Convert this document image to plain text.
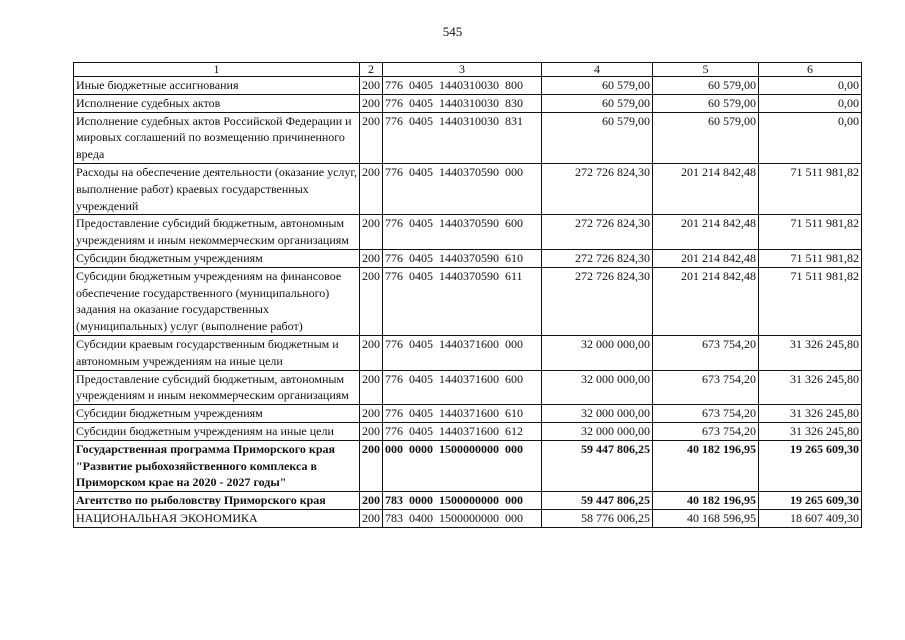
545
1	2	3	4	5	6
Иные бюджетные ассигнования	200	776  0405  1440310030  800	60 579,00	60 579,00	0,00
Исполнение судебных актов	200	776  0405  1440310030  830	60 579,00	60 579,00	0,00
Исполнение судебных актов Российской Федерации и мировых соглашений по возмещению причиненного вреда	200	776  0405  1440310030  831	60 579,00	60 579,00	0,00
Расходы на обеспечение деятельности (оказание услуг, выполнение работ) краевых государственных учреждений	200	776  0405  1440370590  000	272 726 824,30	201 214 842,48	71 511 981,82
Предоставление субсидий бюджетным, автономным учреждениям и иным некоммерческим организациям	200	776  0405  1440370590  600	272 726 824,30	201 214 842,48	71 511 981,82
Субсидии бюджетным учреждениям	200	776  0405  1440370590  610	272 726 824,30	201 214 842,48	71 511 981,82
Субсидии бюджетным учреждениям на финансовое обеспечение государственного (муниципального) задания на оказание государственных (муниципальных) услуг (выполнение работ)	200	776  0405  1440370590  611	272 726 824,30	201 214 842,48	71 511 981,82
Субсидии краевым государственным бюджетным и автономным учреждениям на иные цели	200	776  0405  1440371600  000	32 000 000,00	673 754,20	31 326 245,80
Предоставление субсидий бюджетным, автономным учреждениям и иным некоммерческим организациям	200	776  0405  1440371600  600	32 000 000,00	673 754,20	31 326 245,80
Субсидии бюджетным учреждениям	200	776  0405  1440371600  610	32 000 000,00	673 754,20	31 326 245,80
Субсидии бюджетным учреждениям на иные цели	200	776  0405  1440371600  612	32 000 000,00	673 754,20	31 326 245,80
Государственная программа Приморского края "Развитие рыбохозяйственного комплекса в Приморском крае на 2020 - 2027 годы"	200	000  0000  1500000000  000	59 447 806,25	40 182 196,95	19 265 609,30
Агентство по рыболовству Приморского края	200	783  0000  1500000000  000	59 447 806,25	40 182 196,95	19 265 609,30
НАЦИОНАЛЬНАЯ ЭКОНОМИКА	200	783  0400  1500000000  000	58 776 006,25	40 168 596,95	18 607 409,30
